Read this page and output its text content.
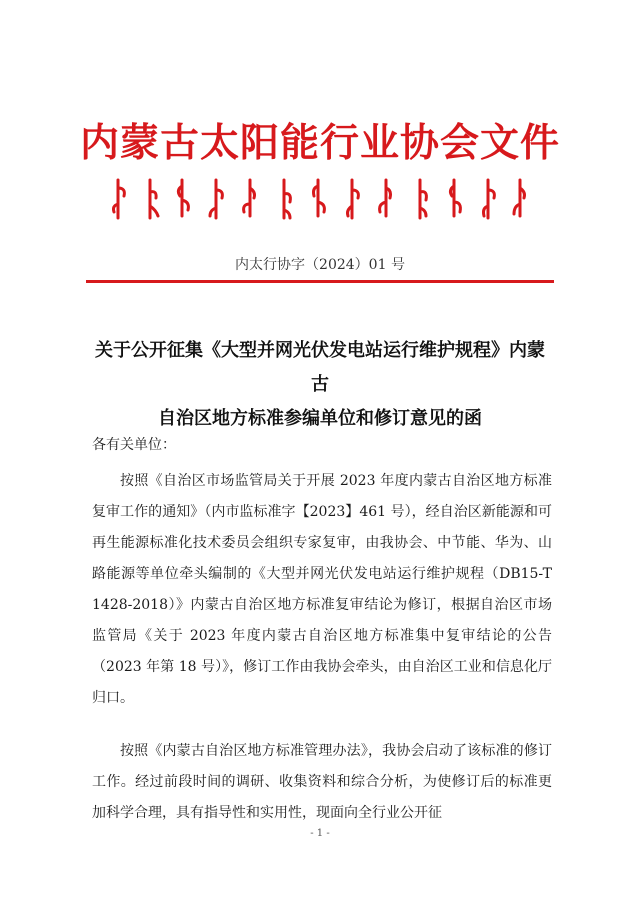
内蒙古太阳能行业协会文件
内太行协字（2024）01 号
关于公开征集《大型并网光伏发电站运行维护规程》内蒙古
自治区地方标准参编单位和修订意见的函
各有关单位：

按照《自治区市场监管局关于开展 2023 年度内蒙古自治区地方标准复审工作的通知》（内市监标准字【2023】461 号），经自治区新能源和可再生能源标准化技术委员会组织专家复审，由我协会、中节能、华为、山路能源等单位牵头编制的《大型并网光伏发电站运行维护规程（DB15-T 1428-2018）》内蒙古自治区地方标准复审结论为修订，根据自治区市场监管局《关于 2023 年度内蒙古自治区地方标准集中复审结论的公告（2023 年第 18 号）》，修订工作由我协会牵头，由自治区工业和信息化厅归口。

按照《内蒙古自治区地方标准管理办法》，我协会启动了该标准的修订工作。经过前段时间的调研、收集资料和综合分析，为使修订后的标准更加科学合理，具有指导性和实用性，现面向全行业公开征

- 1 -
